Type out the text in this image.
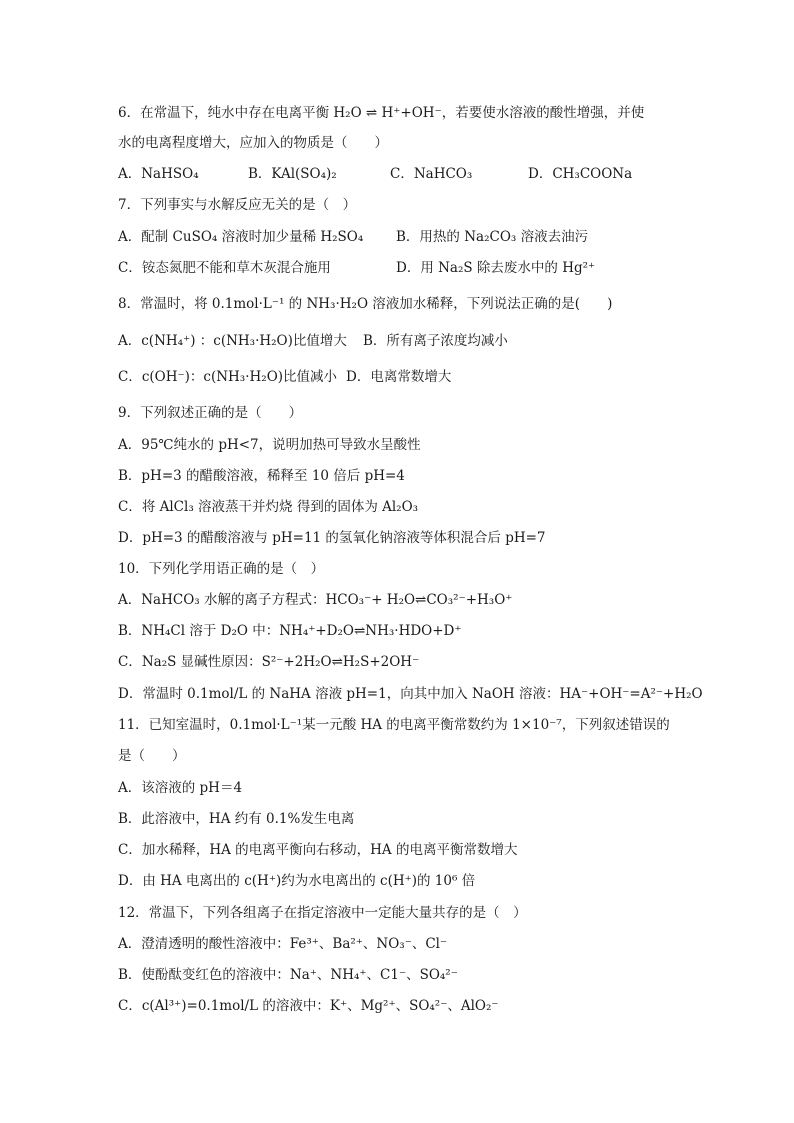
6．在常温下，纯水中存在电离平衡 H₂O ⇌ H⁺+OH⁻，若要使水溶液的酸性增强，并使
水的电离程度增大，应加入的物质是（　　）
A．NaHSO₄	B．KAl(SO₄)₂	C．NaHCO₃	D．CH₃COONa
7．下列事实与水解反应无关的是（　）
A．配制 CuSO₄ 溶液时加少量稀 H₂SO₄ B．用热的 Na₂CO₃ 溶液去油污
C．铵态氮肥不能和草木灰混合施用	D．用 Na₂S 除去废水中的 Hg²⁺
8．常温时，将 0.1mol·L⁻¹ 的 NH₃·H₂O 溶液加水稀释，下列说法正确的是(　　)
A．c(NH₄⁺) ：c(NH₃·H₂O)比值增大 B．所有离子浓度均减小
C．c(OH⁻)：c(NH₃·H₂O)比值减小 D．电离常数增大
9．下列叙述正确的是（　　）
A．95℃纯水的 pH<7，说明加热可导致水呈酸性
B．pH=3 的醋酸溶液，稀释至 10 倍后 pH=4
C．将 AlCl₃ 溶液蒸干并灼烧 得到的固体为 Al₂O₃
D．pH=3 的醋酸溶液与 pH=11 的氢氧化钠溶液等体积混合后 pH=7
10．下列化学用语正确的是（　）
A．NaHCO₃ 水解的离子方程式：HCO₃⁻+ H₂O⇌CO₃²⁻+H₃O⁺
B．NH₄Cl 溶于 D₂O 中：NH₄⁺+D₂O⇌NH₃·HDO+D⁺
C．Na₂S 显碱性原因：S²⁻+2H₂O⇌H₂S+2OH⁻
D．常温时 0.1mol/L 的 NaHA 溶液 pH=1，向其中加入 NaOH 溶液：HA⁻+OH⁻=A²⁻+H₂O
11．已知室温时，0.1mol·L⁻¹某一元酸 HA 的电离平衡常数约为 1×10⁻⁷，下列叙述错误的
是（　　）
A．该溶液的 pH＝4
B．此溶液中，HA 约有 0.1%发生电离
C．加水稀释，HA 的电离平衡向右移动，HA 的电离平衡常数增大
D．由 HA 电离出的 c(H⁺)约为水电离出的 c(H⁺)的 10⁶ 倍
12．常温下，下列各组离子在指定溶液中一定能大量共存的是（　）
A．澄清透明的酸性溶液中：Fe³⁺、Ba²⁺、NO₃⁻、Cl⁻
B．使酚酞变红色的溶液中：Na⁺、NH₄⁺、C1⁻、SO₄²⁻
C．c(Al³⁺)=0.1mol/L 的溶液中：K⁺、Mg²⁺、SO₄²⁻、AlO₂⁻
